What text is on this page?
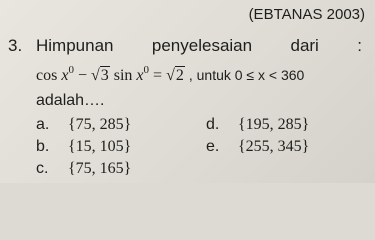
(EBTANAS 2003)
3. Himpunan penyelesaian dari :
$\cos x^0 - √3$ $\sin x^0 = √2$ , untuk 0 ≤ x < 360
adalah….
a. {75, 285}
b. {15, 105}
c. {75, 165}
d. {195, 285}
e. {255, 345}
